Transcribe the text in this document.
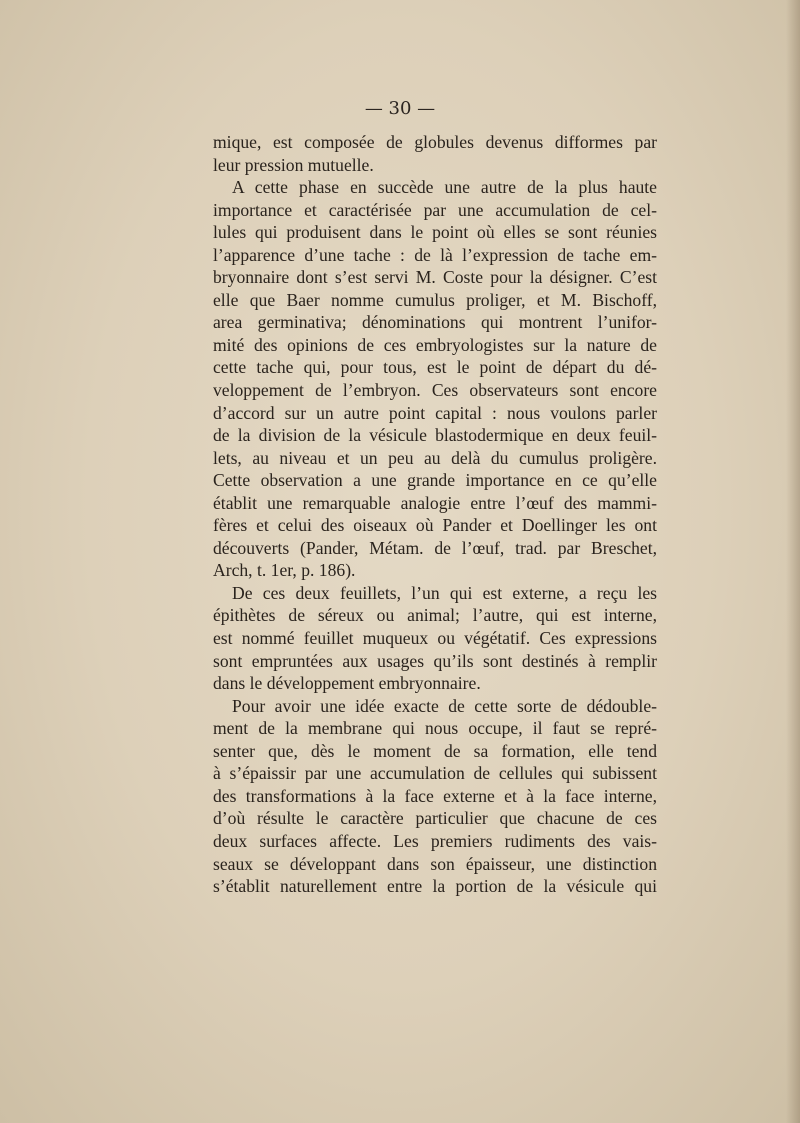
— 30 —
mique, est composée de globules devenus difformes par
leur pression mutuelle.
A cette phase en succède une autre de la plus haute
importance et caractérisée par une accumulation de cel-
lules qui produisent dans le point où elles se sont réunies
l’apparence d’une tache : de là l’expression de tache em-
bryonnaire dont s’est servi M. Coste pour la désigner. C’est
elle que Baer nomme cumulus proliger, et M. Bischoff,
area germinativa; dénominations qui montrent l’unifor-
mité des opinions de ces embryologistes sur la nature de
cette tache qui, pour tous, est le point de départ du dé-
veloppement de l’embryon. Ces observateurs sont encore
d’accord sur un autre point capital : nous voulons parler
de la division de la vésicule blastodermique en deux feuil-
lets, au niveau et un peu au delà du cumulus proligère.
Cette observation a une grande importance en ce qu’elle
établit une remarquable analogie entre l’œuf des mammi-
fères et celui des oiseaux où Pander et Doellinger les ont
découverts (Pander, Métam. de l’œuf, trad. par Breschet,
Arch, t. 1er, p. 186).
De ces deux feuillets, l’un qui est externe, a reçu les
épithètes de séreux ou animal; l’autre, qui est interne,
est nommé feuillet muqueux ou végétatif. Ces expressions
sont empruntées aux usages qu’ils sont destinés à remplir
dans le développement embryonnaire.
Pour avoir une idée exacte de cette sorte de dédouble-
ment de la membrane qui nous occupe, il faut se repré-
senter que, dès le moment de sa formation, elle tend
à s’épaissir par une accumulation de cellules qui subissent
des transformations à la face externe et à la face interne,
d’où résulte le caractère particulier que chacune de ces
deux surfaces affecte. Les premiers rudiments des vais-
seaux se développant dans son épaisseur, une distinction
s’établit naturellement entre la portion de la vésicule qui
